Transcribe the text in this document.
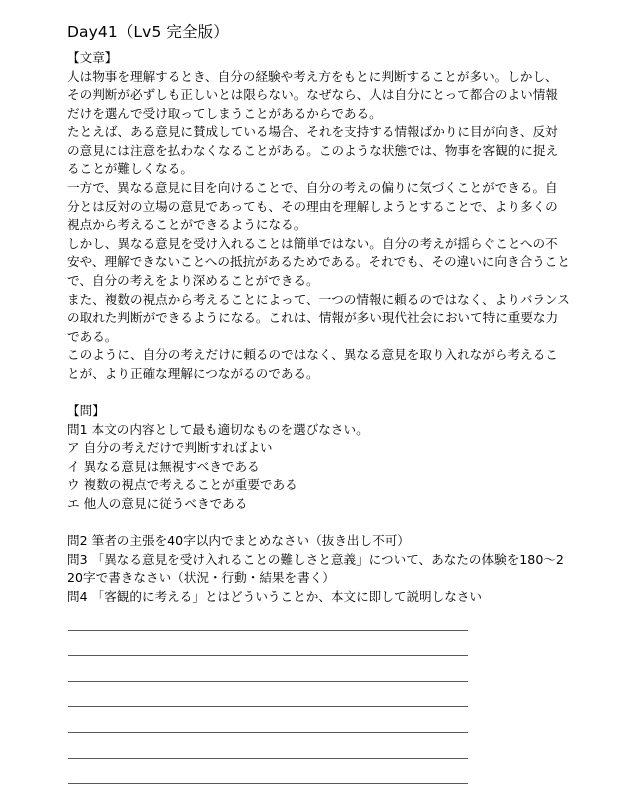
Day41（Lv5 完全版）
【文章】

人は物事を理解するとき、自分の経験や考え方をもとに判断することが多い。しかし、その判断が必ずしも正しいとは限らない。なぜなら、人は自分にとって都合のよい情報だけを選んで受け取ってしまうことがあるからである。

たとえば、ある意見に賛成している場合、それを支持する情報ばかりに目が向き、反対の意見には注意を払わなくなることがある。このような状態では、物事を客観的に捉えることが難しくなる。

一方で、異なる意見に目を向けることで、自分の考えの偏りに気づくことができる。自分とは反対の立場の意見であっても、その理由を理解しようとすることで、より多くの視点から考えることができるようになる。

しかし、異なる意見を受け入れることは簡単ではない。自分の考えが揺らぐことへの不安や、理解できないことへの抵抗があるためである。それでも、その違いに向き合うことで、自分の考えをより深めることができる。

また、複数の視点から考えることによって、一つの情報に頼るのではなく、よりバランスの取れた判断ができるようになる。これは、情報が多い現代社会において特に重要な力である。

このように、自分の考えだけに頼るのではなく、異なる意見を取り入れながら考えることが、より正確な理解につながるのである。

【問】

問1 本文の内容として最も適切なものを選びなさい。

ア 自分の考えだけで判断すればよい

イ 異なる意見は無視すべきである

ウ 複数の視点で考えることが重要である

エ 他人の意見に従うべきである

問2 筆者の主張を40字以内でまとめなさい（抜き出し不可）

問3 「異なる意見を受け入れることの難しさと意義」について、あなたの体験を180〜220字で書きなさい（状況・行動・結果を書く）

問4 「客観的に考える」とはどういうことか、本文に即して説明しなさい
